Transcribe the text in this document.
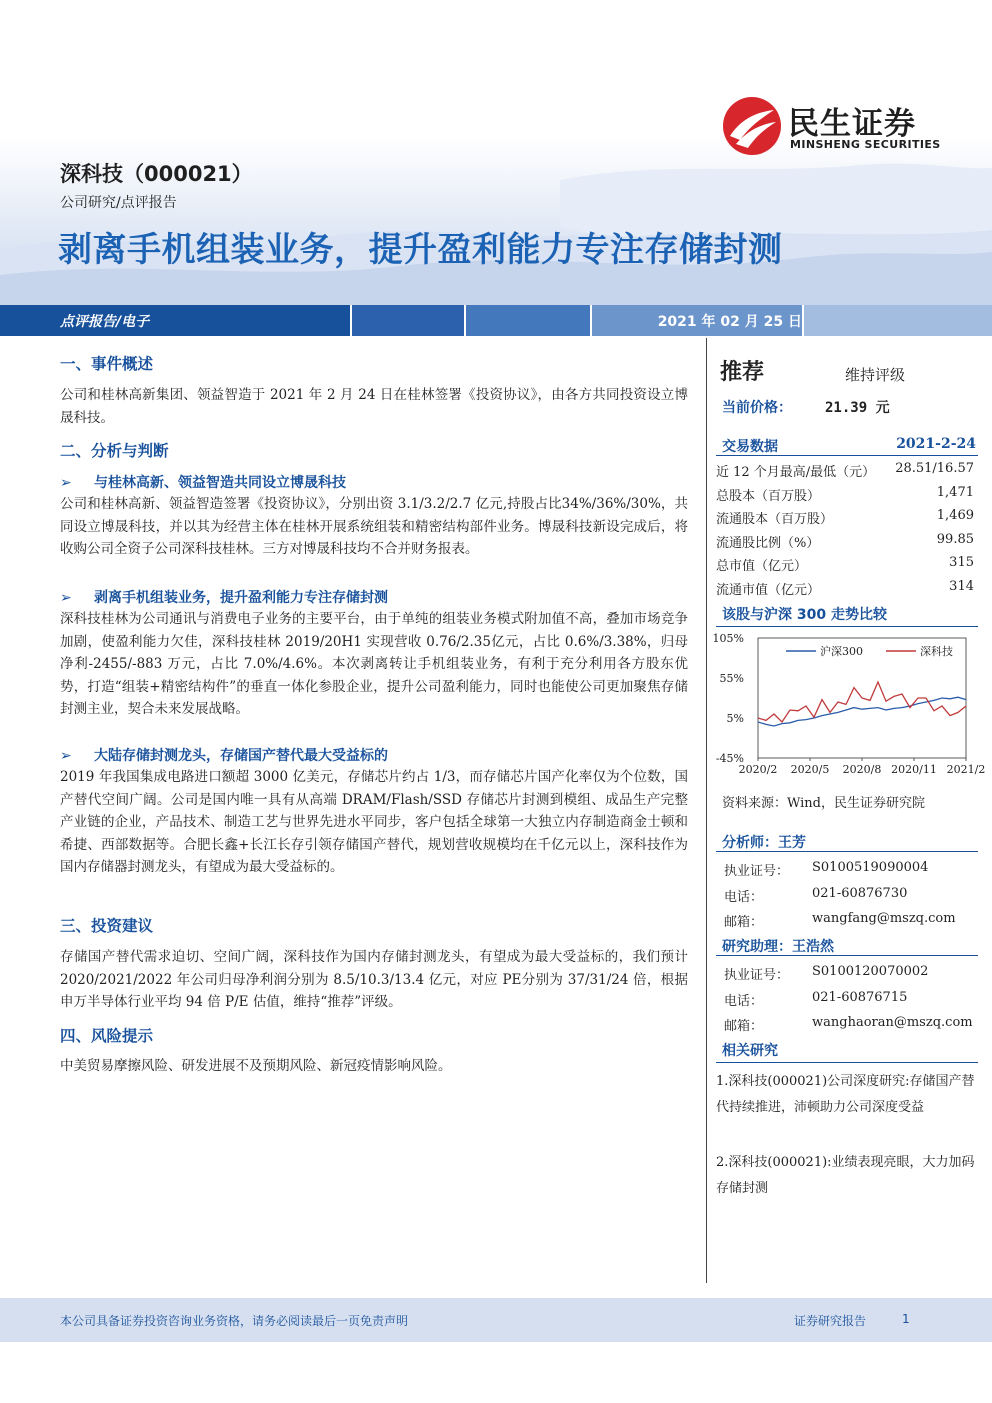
民生证券
MINSHENG SECURITIES
深科技（000021）
公司研究/点评报告
剥离手机组装业务，提升盈利能力专注存储封测
点评报告/电子	2021 年 02 月 25 日
一、事件概述
公司和桂林高新集团、领益智造于 2021 年 2 月 24 日在桂林签署《投资协议》，由各方共同投资设立博晟科技。
二、分析与判断
➢ 与桂林高新、领益智造共同设立博晟科技
公司和桂林高新、领益智造签署《投资协议》，分别出资 3.1/3.2/2.7 亿元,持股占比34%/36%/30%，共同设立博晟科技，并以其为经营主体在桂林开展系统组装和精密结构部件业务。博晟科技新设完成后，将收购公司全资子公司深科技桂林。三方对博晟科技均不合并财务报表。
➢ 剥离手机组装业务，提升盈利能力专注存储封测
深科技桂林为公司通讯与消费电子业务的主要平台，由于单纯的组装业务模式附加值不高，叠加市场竞争加剧，使盈利能力欠佳，深科技桂林 2019/20H1 实现营收 0.76/2.35亿元，占比 0.6%/3.38%，归母净利-2455/-883 万元，占比 7.0%/4.6%。本次剥离转让手机组装业务，有利于充分利用各方股东优势，打造“组装+精密结构件”的垂直一体化参股企业，提升公司盈利能力，同时也能使公司更加聚焦存储封测主业，契合未来发展战略。
➢ 大陆存储封测龙头，存储国产替代最大受益标的
2019 年我国集成电路进口额超 3000 亿美元，存储芯片约占 1/3，而存储芯片国产化率仅为个位数，国产替代空间广阔。公司是国内唯一具有从高端 DRAM/Flash/SSD 存储芯片封测到模组、成品生产完整产业链的企业，产品技术、制造工艺与世界先进水平同步，客户包括全球第一大独立内存制造商金士顿和希捷、西部数据等。合肥长鑫+长江长存引领存储国产替代，规划营收规模均在千亿元以上，深科技作为国内存储器封测龙头，有望成为最大受益标的。
三、投资建议
存储国产替代需求迫切、空间广阔，深科技作为国内存储封测龙头，有望成为最大受益标的，我们预计 2020/2021/2022 年公司归母净利润分别为 8.5/10.3/13.4 亿元，对应 PE分别为 37/31/24 倍，根据申万半导体行业平均 94 倍 P/E 估值，维持“推荐”评级。
四、风险提示
中美贸易摩擦风险、研发进展不及预期风险、新冠疫情影响风险。
推荐	维持评级
当前价格： 21.39 元
交易数据	2021-2-24
近 12 个月最高/最低（元） 28.51/16.57
总股本（百万股）	1,471
流通股本（百万股）	1,469
流通股比例（%）	99.85
总市值（亿元）	315
流通市值（亿元）	314
该股与沪深 300 走势比较
105%
55%
5%
-45%
2020/2 2020/5 2020/8 2020/11 2021/2
沪深300	深科技
资料来源：Wind，民生证券研究院
分析师：王芳
执业证号： S0100519090004
电话：	021-60876730
邮箱：	wangfang@mszq.com
研究助理：王浩然
执业证号： S0100120070002
电话：	021-60876715
邮箱：	wanghaoran@mszq.com
相关研究
1.深科技(000021)公司深度研究:存储国产替代持续推进，沛顿助力公司深度受益
2.深科技(000021):业绩表现亮眼，大力加码存储封测
本公司具备证券投资咨询业务资格，请务必阅读最后一页免责声明	证券研究报告	1
